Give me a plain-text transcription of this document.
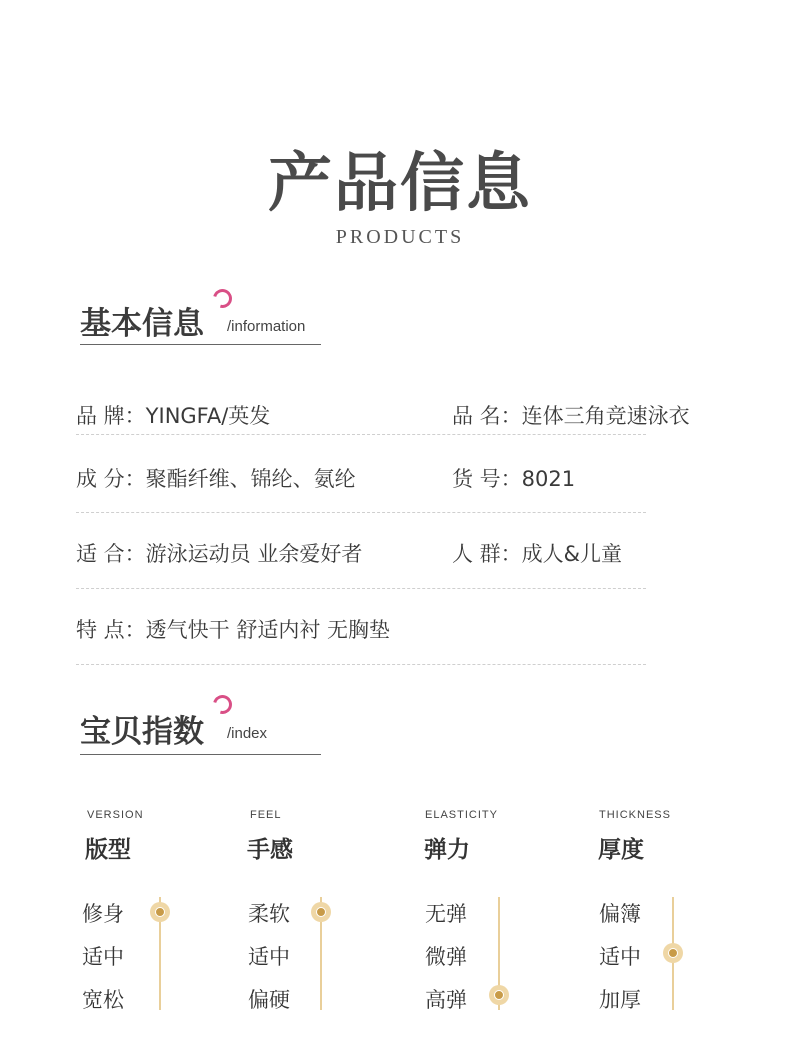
产品信息
PRODUCTS
基本信息 /information
品 牌：YINGFA/英发	品 名：连体三角竞速泳衣
成 分：聚酯纤维、锦纶、氨纶	货 号：8021
适 合：游泳运动员 业余爱好者	人 群：成人&儿童
特 点：透气快干 舒适内衬 无胸垫
宝贝指数 /index
VERSION
版型
修身
适中
宽松
FEEL
手感
柔软
适中
偏硬
ELASTICITY
弹力
无弹
微弹
高弹
THICKNESS
厚度
偏簿
适中
加厚
